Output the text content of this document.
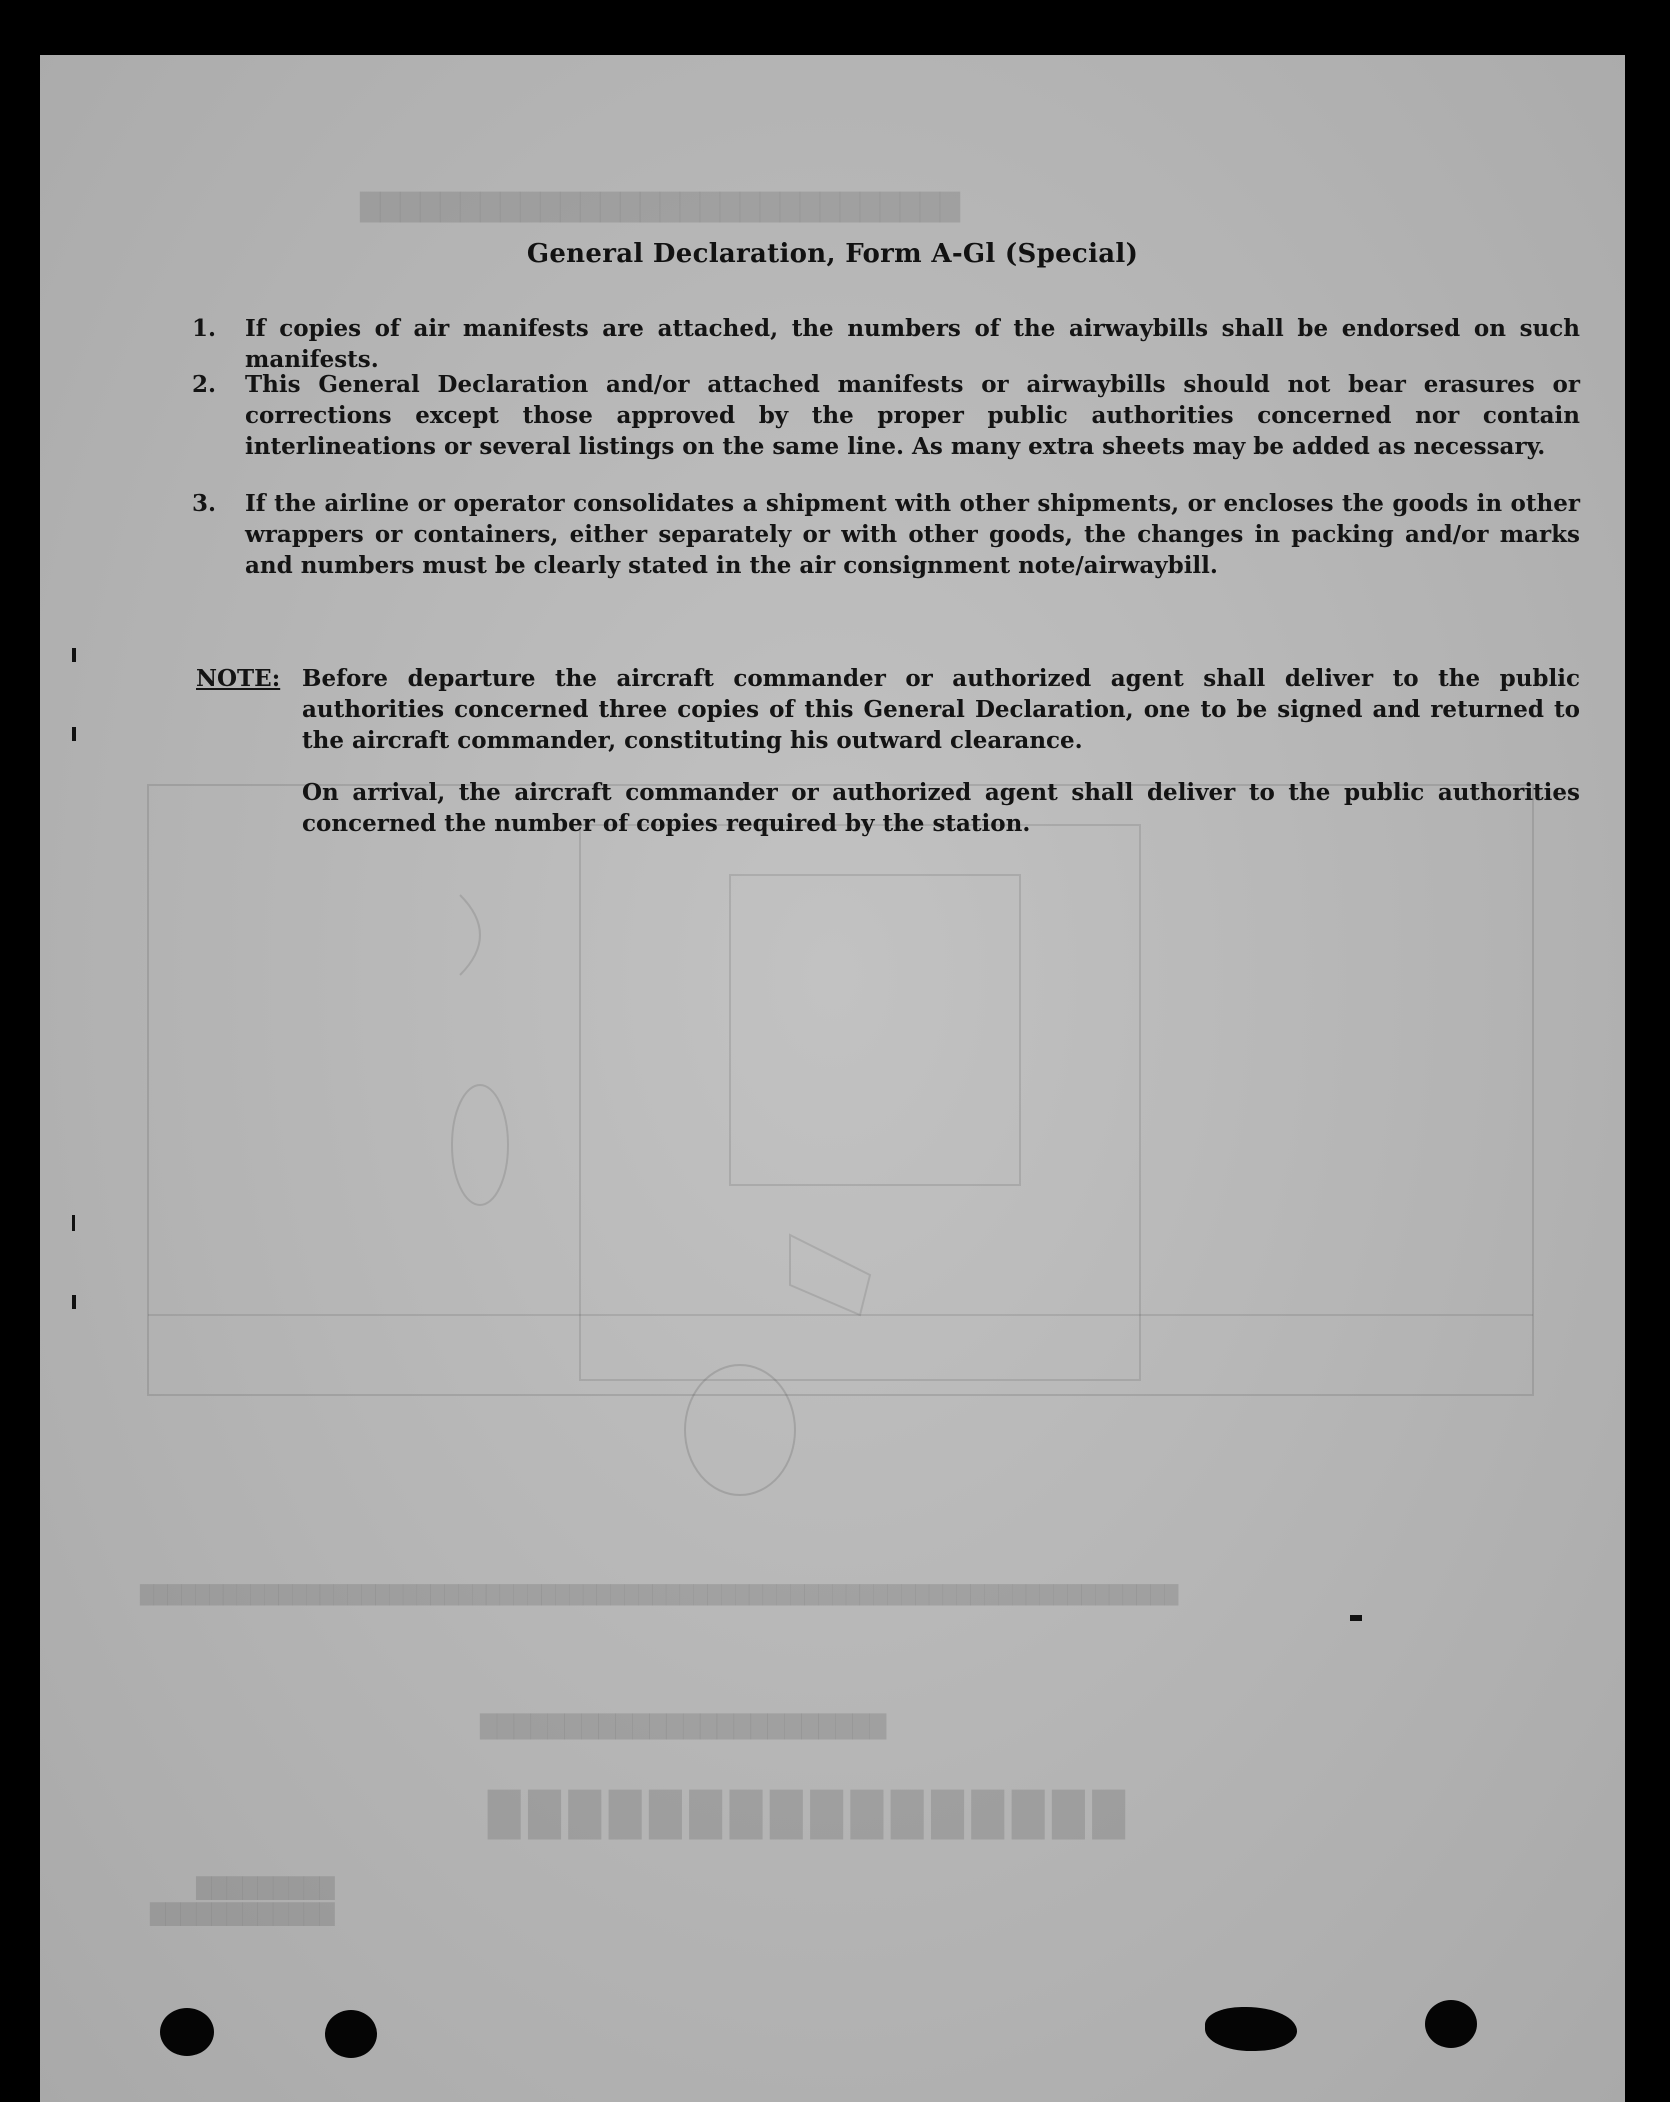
██████████████████████████████
████████████████
████████████████████████
███████████████████████████████████████████████████████████████████████████
█████████
████████████
General Declaration, Form A-Gl (Special)
1.	If copies of air manifests are attached, the numbers of the airwaybills shall be endorsed on such manifests.
2.	This General Declaration and/or attached manifests or airwaybills should not bear erasures or corrections except those approved by the proper public authorities concerned nor contain interlineations or several listings on the same line. As many extra sheets may be added as necessary.
3.	If the airline or operator consolidates a shipment with other shipments, or encloses the goods in other wrappers or containers, either separately or with other goods, the changes in packing and/or marks and numbers must be clearly stated in the air consignment note/airwaybill.
NOTE: Before departure the aircraft commander or authorized agent shall deliver to the public authorities concerned three copies of this General Declaration, one to be signed and returned to the aircraft commander, constituting his outward clearance.
On arrival, the aircraft commander or authorized agent shall deliver to the public authorities concerned the number of copies required by the station.
